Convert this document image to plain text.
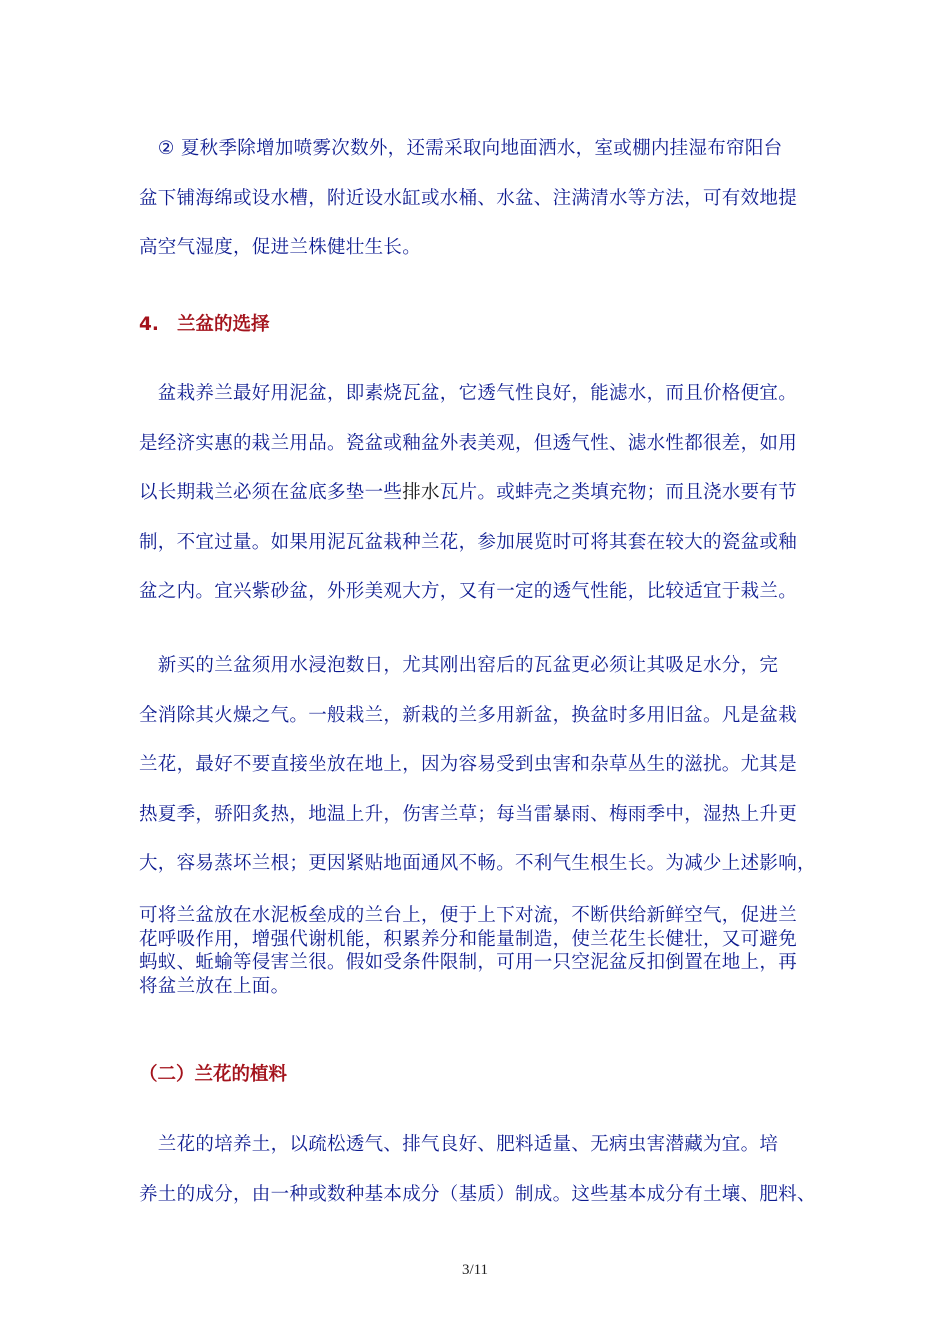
　② 夏秋季除增加喷雾次数外，还需采取向地面洒水，室或棚内挂湿布帘阳台

盆下铺海绵或设水槽，附近设水缸或水桶、水盆、注满清水等方法，可有效地提

高空气湿度，促进兰株健壮生长。

4. 兰盆的选择

　盆栽养兰最好用泥盆，即素烧瓦盆，它透气性良好，能滤水，而且价格便宜。

是经济实惠的栽兰用品。瓷盆或釉盆外表美观，但透气性、滤水性都很差，如用

以长期栽兰必须在盆底多垫一些排水瓦片。或蚌壳之类填充物；而且浇水要有节

制，不宜过量。如果用泥瓦盆栽种兰花，参加展览时可将其套在较大的瓷盆或釉

盆之内。宜兴紫砂盆，外形美观大方，又有一定的透气性能，比较适宜于栽兰。

　新买的兰盆须用水浸泡数日，尤其刚出窑后的瓦盆更必须让其吸足水分，完

全消除其火燥之气。一般栽兰，新栽的兰多用新盆，换盆时多用旧盆。凡是盆栽

兰花，最好不要直接坐放在地上，因为容易受到虫害和杂草丛生的滋扰。尤其是

热夏季，骄阳炙热，地温上升，伤害兰草；每当雷暴雨、梅雨季中，湿热上升更

大，容易蒸坏兰根；更因紧贴地面通风不畅。不利气生根生长。为减少上述影响，

可将兰盆放在水泥板垒成的兰台上，便于上下对流，不断供给新鲜空气，促进兰

花呼吸作用，增强代谢机能，积累养分和能量制造，使兰花生长健壮，又可避免

蚂蚁、蚯蝓等侵害兰很。假如受条件限制，可用一只空泥盆反扣倒置在地上，再

将盆兰放在上面。

（二）兰花的植料

　兰花的培养土，以疏松透气、排气良好、肥料适量、无病虫害潜藏为宜。培

养土的成分，由一种或数种基本成分（基质）制成。这些基本成分有土壤、肥料、

3/11
